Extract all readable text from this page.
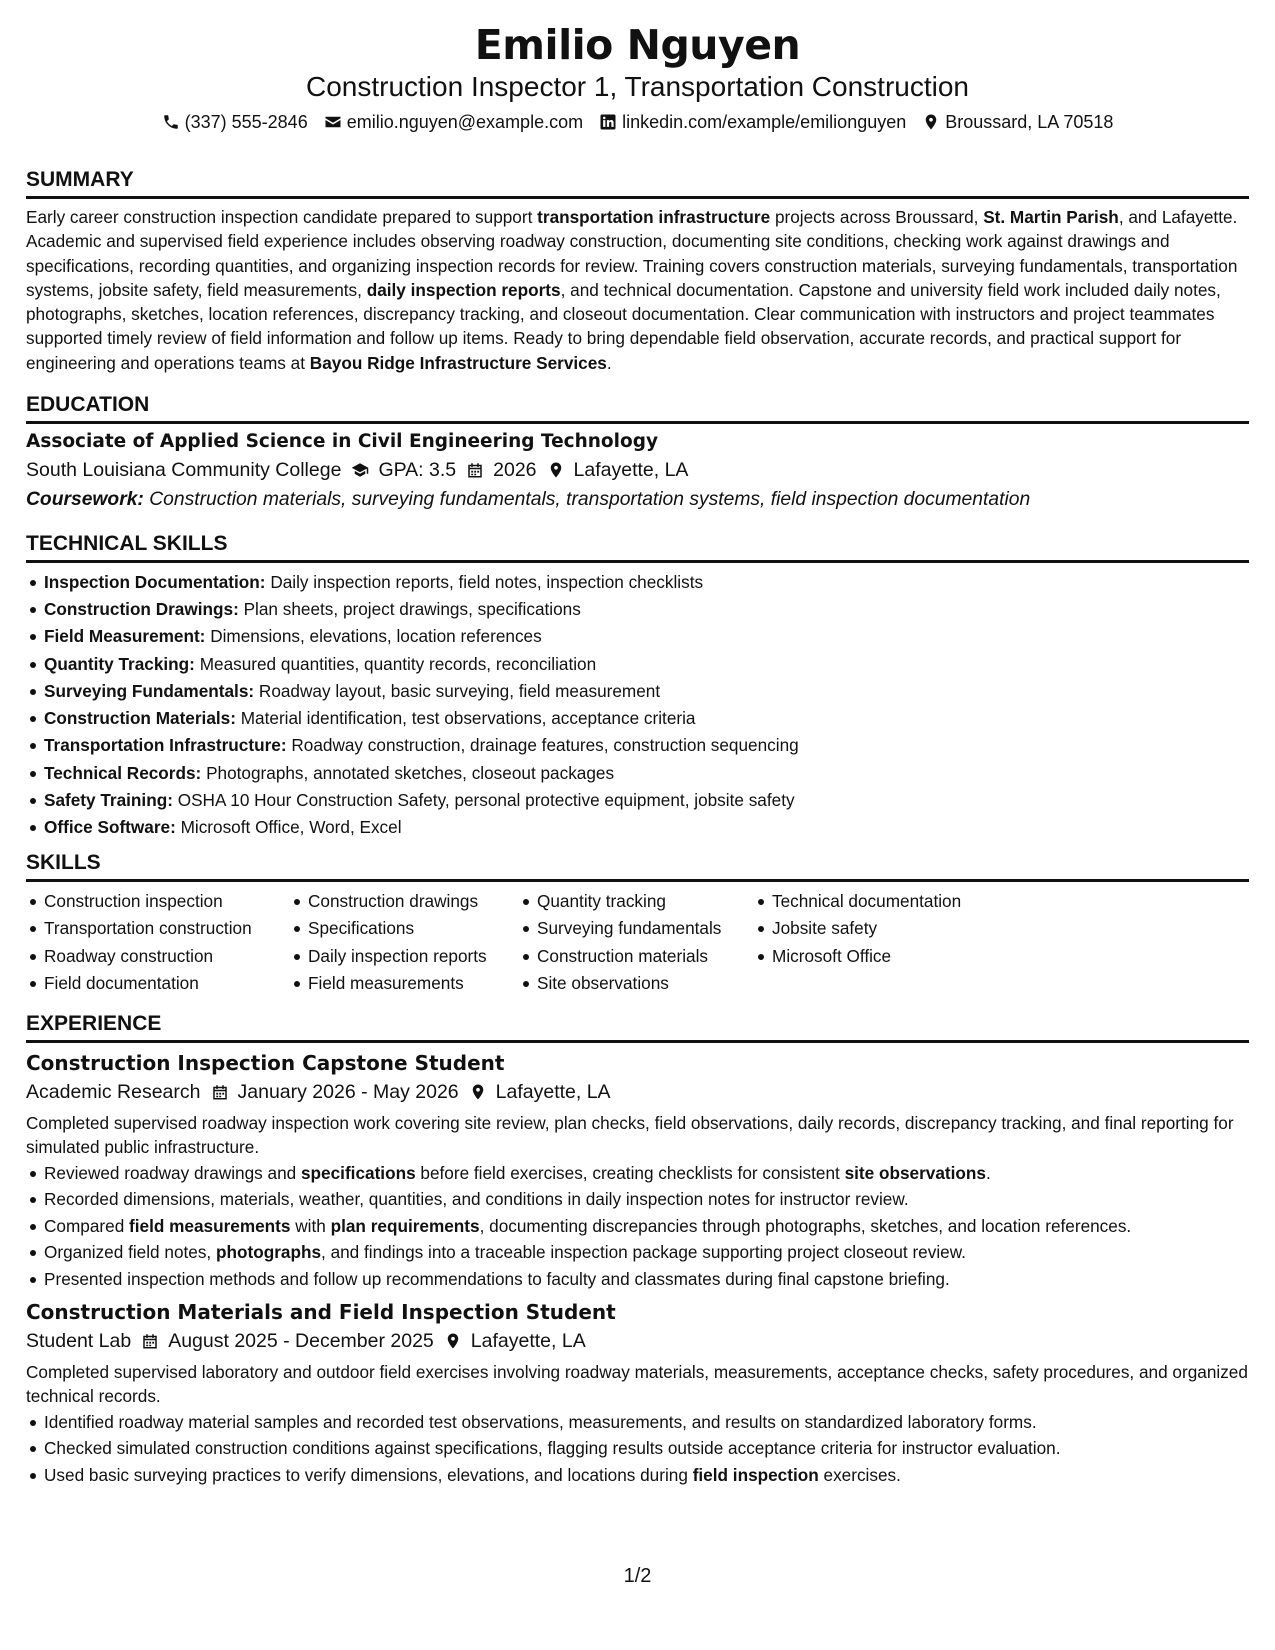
Emilio Nguyen
Construction Inspector 1, Transportation Construction
(337) 555-2846 emilio.nguyen@example.com linkedin.com/example/emilionguyen Broussard, LA 70518
SUMMARY

Early career construction inspection candidate prepared to support transportation infrastructure projects across Broussard, St. Martin Parish, and Lafayette. Academic and supervised field experience includes observing roadway construction, documenting site conditions, checking work against drawings and specifications, recording quantities, and organizing inspection records for review. Training covers construction materials, surveying fundamentals, transportation systems, jobsite safety, field measurements, daily inspection reports, and technical documentation. Capstone and university field work included daily notes, photographs, sketches, location references, discrepancy tracking, and closeout documentation. Clear communication with instructors and project teammates supported timely review of field information and follow up items. Ready to bring dependable field observation, accurate records, and practical support for engineering and operations teams at Bayou Ridge Infrastructure Services.

EDUCATION
Associate of Applied Science in Civil Engineering Technology
South Louisiana Community College GPA: 3.5 2026 Lafayette, LA
Coursework: Construction materials, surveying fundamentals, transportation systems, field inspection documentation
TECHNICAL SKILLS
Inspection Documentation: Daily inspection reports, field notes, inspection checklists
Construction Drawings: Plan sheets, project drawings, specifications
Field Measurement: Dimensions, elevations, location references
Quantity Tracking: Measured quantities, quantity records, reconciliation
Surveying Fundamentals: Roadway layout, basic surveying, field measurement
Construction Materials: Material identification, test observations, acceptance criteria
Transportation Infrastructure: Roadway construction, drainage features, construction sequencing
Technical Records: Photographs, annotated sketches, closeout packages
Safety Training: OSHA 10 Hour Construction Safety, personal protective equipment, jobsite safety
Office Software: Microsoft Office, Word, Excel
SKILLS
Construction inspection
Transportation construction
Roadway construction
Field documentation
Construction drawings
Specifications
Daily inspection reports
Field measurements
Quantity tracking
Surveying fundamentals
Construction materials
Site observations
Technical documentation
Jobsite safety
Microsoft Office
EXPERIENCE
Construction Inspection Capstone Student
Academic Research January 2026 - May 2026 Lafayette, LA

Completed supervised roadway inspection work covering site review, plan checks, field observations, daily records, discrepancy tracking, and final reporting for simulated public infrastructure.

Reviewed roadway drawings and specifications before field exercises, creating checklists for consistent site observations.
Recorded dimensions, materials, weather, quantities, and conditions in daily inspection notes for instructor review.
Compared field measurements with plan requirements, documenting discrepancies through photographs, sketches, and location references.
Organized field notes, photographs, and findings into a traceable inspection package supporting project closeout review.
Presented inspection methods and follow up recommendations to faculty and classmates during final capstone briefing.
Construction Materials and Field Inspection Student
Student Lab August 2025 - December 2025 Lafayette, LA

Completed supervised laboratory and outdoor field exercises involving roadway materials, measurements, acceptance checks, safety procedures, and organized technical records.

Identified roadway material samples and recorded test observations, measurements, and results on standardized laboratory forms.
Checked simulated construction conditions against specifications, flagging results outside acceptance criteria for instructor evaluation.
Used basic surveying practices to verify dimensions, elevations, and locations during field inspection exercises.
1/2
